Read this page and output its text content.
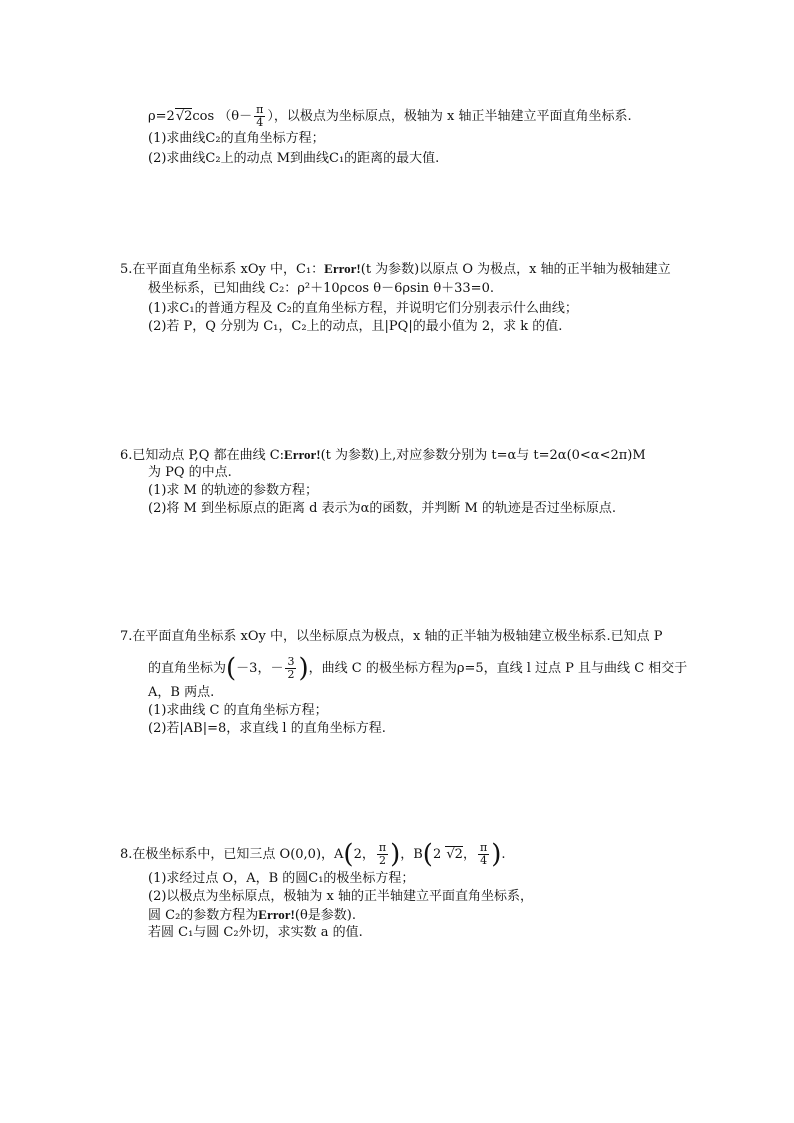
ρ=2√2cos （$\theta- \frac{\pi}{4}$ ），以极点为坐标原点，极轴为 x 轴正半轴建立平面直角坐标系.
(1)求曲线C₂的直角坐标方程；
(2)求曲线C₂上的动点 M到曲线C₁的距离的最大值.
5.在平面直角坐标系 xOy 中，C₁：Error!(t 为参数)以原点 O 为极点，x 轴的正半轴为极轴建立
极坐标系，已知曲线 C₂：ρ²＋10ρcos θ－6ρsin θ＋33=0.
(1)求C₁的普通方程及 C₂的直角坐标方程，并说明它们分别表示什么曲线；
(2)若 P，Q 分别为 C₁，C₂上的动点，且|PQ|的最小值为 2，求 k 的值.
6.已知动点 P,Q 都在曲线 C:Error!(t 为参数)上,对应参数分别为 t=α与 t=2α(0<α<2π)M
为 PQ 的中点.
(1)求 M 的轨迹的参数方程；
(2)将 M 到坐标原点的距离 d 表示为α的函数，并判断 M 的轨迹是否过坐标原点.
7.在平面直角坐标系 xOy 中，以坐标原点为极点，x 轴的正半轴为极轴建立极坐标系.已知点 P
的直角坐标为(－3，－ $\frac{3}{2}$ )，曲线 C 的极坐标方程为ρ=5，直线 l 过点 P 且与曲线 C 相交于
A，B 两点.
(1)求曲线 C 的直角坐标方程；
(2)若|AB|=8，求直线 l 的直角坐标方程.
8.在极坐标系中，已知三点 O(0,0)，A(2， $\frac{\pi}{2}$ )，B(2 √2， $\frac{\pi}{4}$ ).
(1)求经过点 O，A，B 的圆C₁的极坐标方程；
(2)以极点为坐标原点，极轴为 x 轴的正半轴建立平面直角坐标系，
圆 C₂的参数方程为Error!(θ是参数).
若圆 C₁与圆 C₂外切，求实数 a 的值.
